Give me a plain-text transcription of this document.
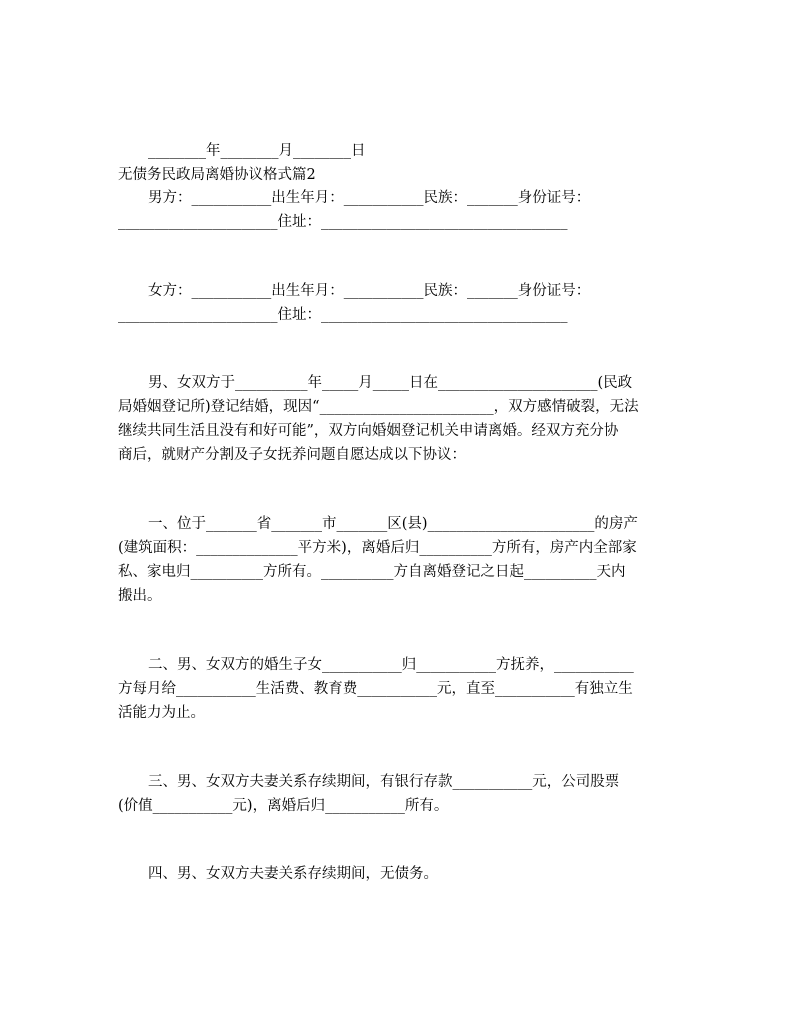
________年________月________日
无债务民政局离婚协议格式篇2
男方：___________出生年月：___________民族：_______身份证号：
______________________住址：__________________________________
女方：___________出生年月：___________民族：_______身份证号：
______________________住址：__________________________________
男、女双方于__________年_____月_____日在______________________(民政
局婚姻登记所)登记结婚，现因“________________________，双方感情破裂，无法
继续共同生活且没有和好可能”，双方向婚姻登记机关申请离婚。经双方充分协
商后，就财产分割及子女抚养问题自愿达成以下协议：
一、位于_______省_______市_______区(县)_______________________的房产
(建筑面积：______________平方米)，离婚后归__________方所有，房产内全部家
私、家电归__________方所有。__________方自离婚登记之日起__________天内
搬出。
二、男、女双方的婚生子女___________归___________方抚养，___________
方每月给___________生活费、教育费___________元，直至___________有独立生
活能力为止。
三、男、女双方夫妻关系存续期间，有银行存款___________元，公司股票
(价值___________元)，离婚后归___________所有。
四、男、女双方夫妻关系存续期间，无债务。
